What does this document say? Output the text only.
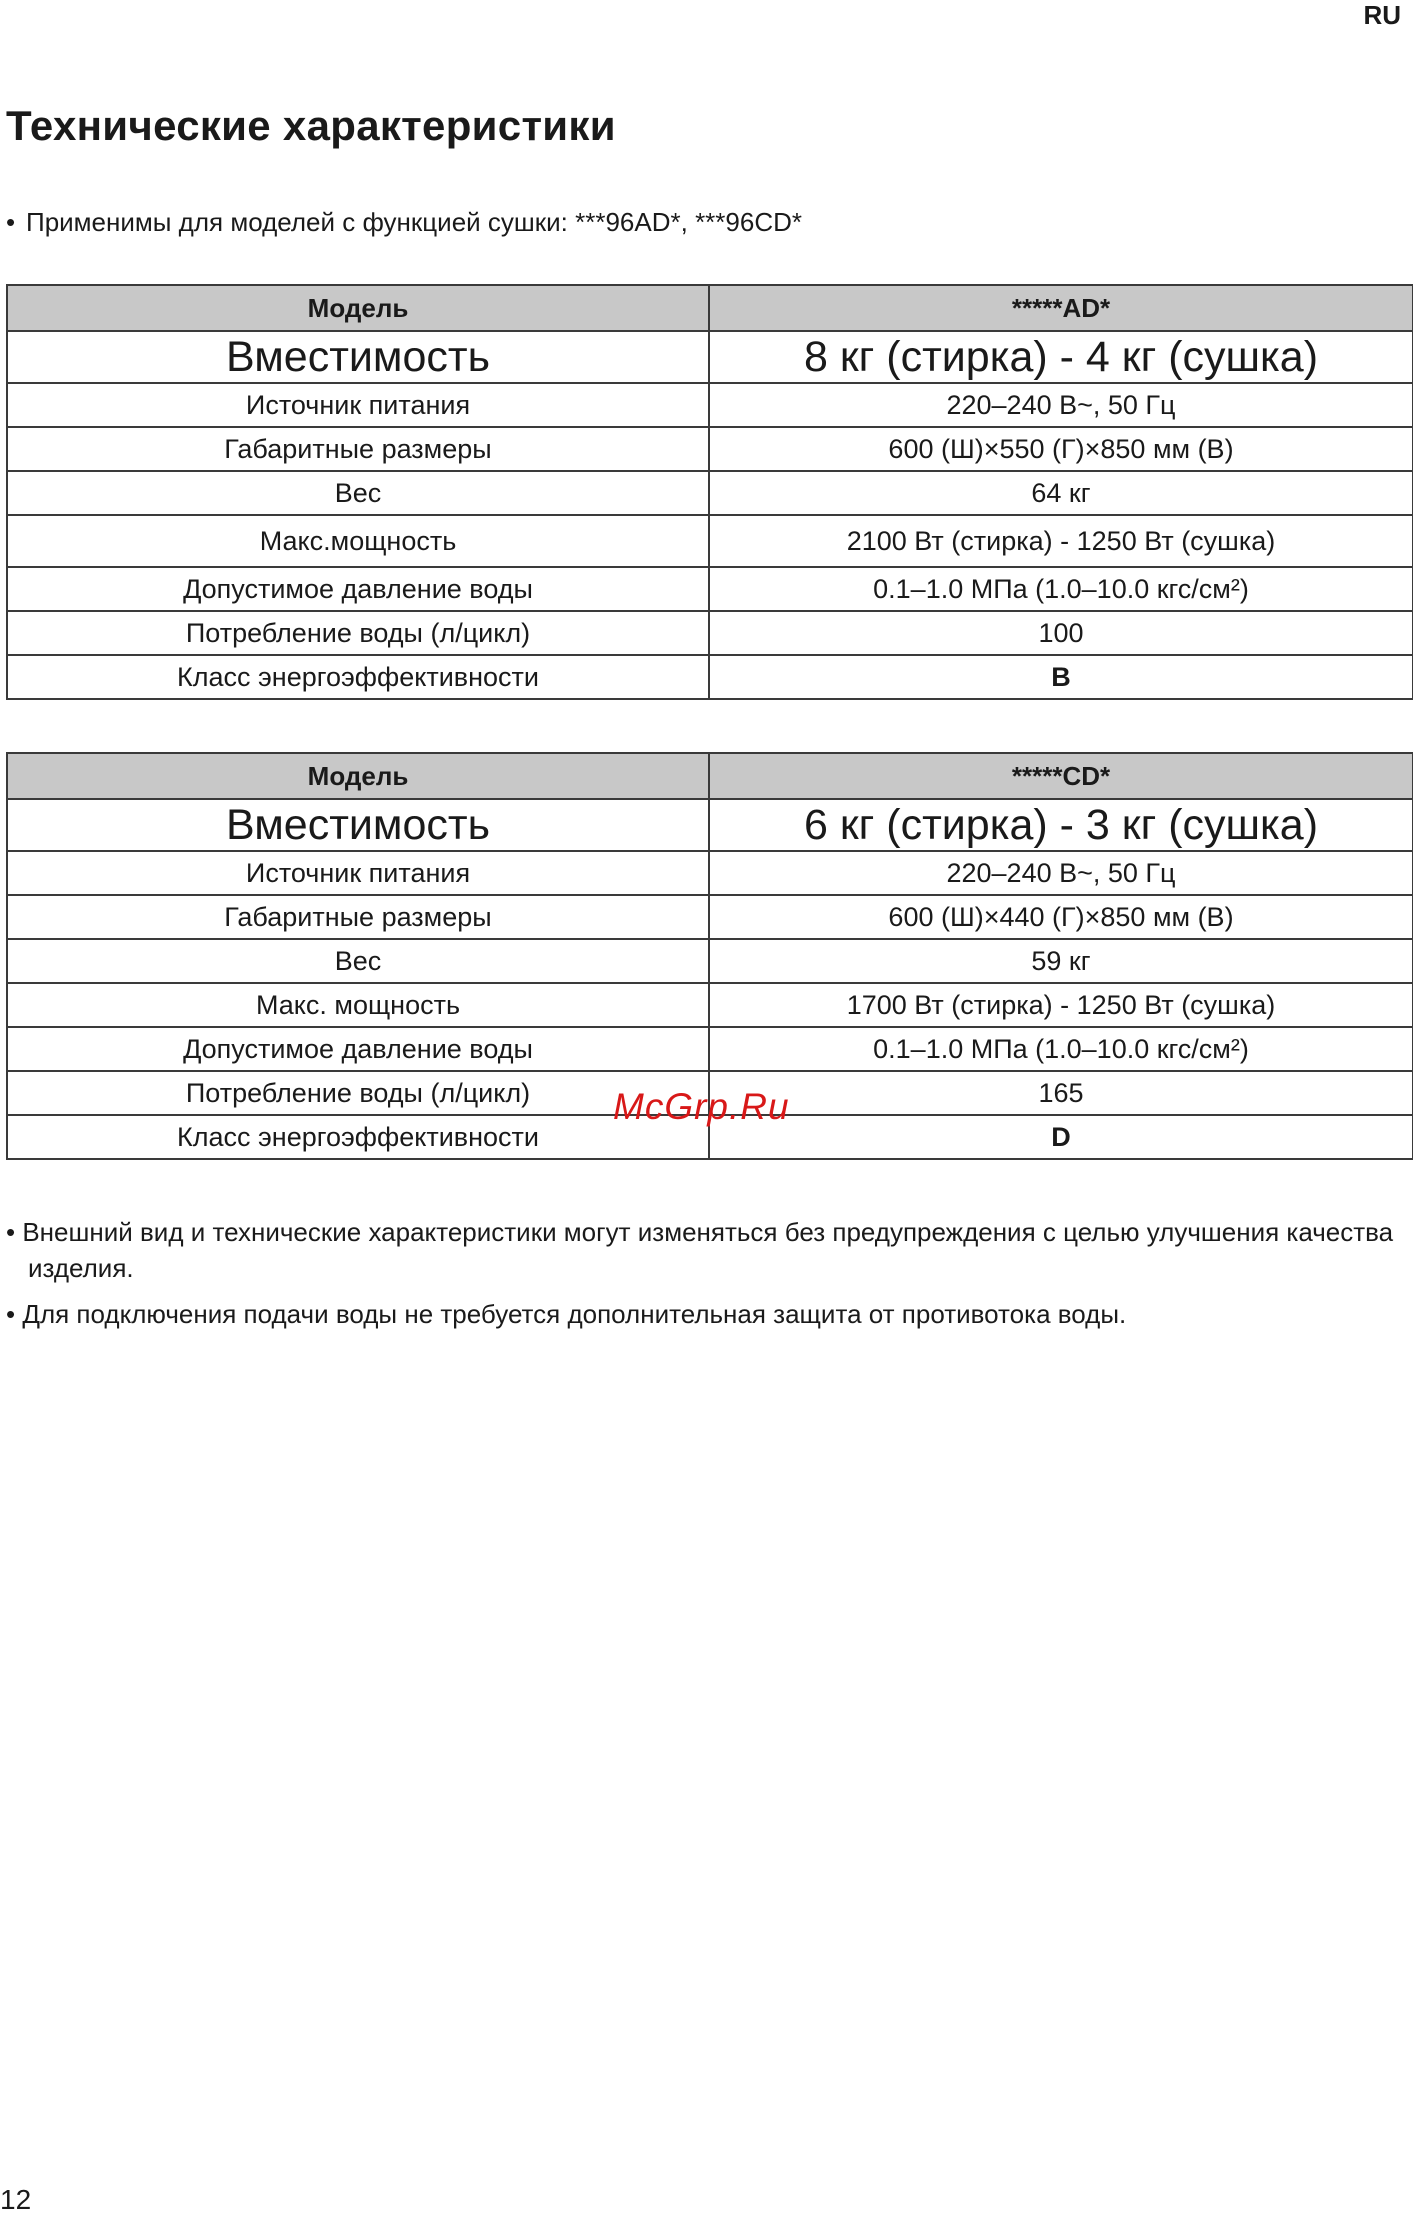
RU
Технические характеристики
• Применимы для моделей с функцией сушки: ***96AD*, ***96CD*
Модель	*****AD*
Вместимость	8 кг (стирка) - 4 кг (сушка)
Источник питания	220–240 В~, 50 Гц
Габаритные размеры	600 (Ш)×550 (Г)×850 мм (В)
Вес	64 кг
Макс.мощность	2100 Вт (стирка) - 1250 Вт (сушка)
Допустимое давление воды	0.1–1.0 МПа (1.0–10.0 кгс/см²)
Потребление воды (л/цикл)	100
Класс энергоэффективности	B
Модель	*****CD*
Вместимость	6 кг (стирка) - 3 кг (сушка)
Источник питания	220–240 В~, 50 Гц
Габаритные размеры	600 (Ш)×440 (Г)×850 мм (В)
Вес	59 кг
Макс. мощность	1700 Вт (стирка) - 1250 Вт (сушка)
Допустимое давление воды	0.1–1.0 МПа (1.0–10.0 кгс/см²)
Потребление воды (л/цикл)	165
Класс энергоэффективности	D

• Внешний вид и технические характеристики могут изменяться без предупреждения с целью улучшения качества изделия.

• Для подключения подачи воды не требуется дополнительная защита от противотока воды.

McGrp.Ru
12
